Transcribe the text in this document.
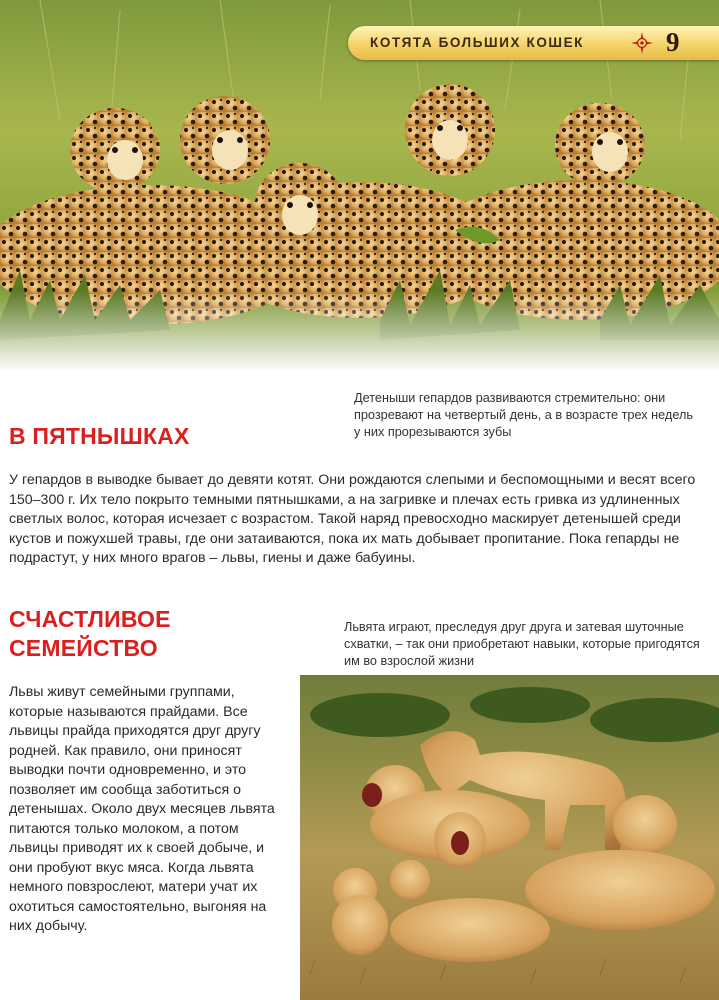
КОТЯТА БОЛЬШИХ КОШЕК	9
Детеныши гепардов развиваются стремительно: они прозревают на четвертый день, а в возрасте трех недель у них прорезываются зубы
В ПЯТНЫШКАХ
У гепардов в выводке бывает до девяти котят. Они рождаются слепыми и беспомощными и весят всего 150–300 г. Их тело покрыто темными пятнышками, а на загривке и плечах есть гривка из удлиненных светлых волос, которая исчезает с возрастом. Такой наряд превосходно маскирует детенышей среди кустов и пожухшей травы, где они затаиваются, пока их мать добывает пропитание. Пока гепарды не подрастут, у них много врагов – львы, гиены и даже бабуины.
СЧАСТЛИВОЕ СЕМЕЙСТВО
Львята играют, преследуя друг друга и затевая шуточные схватки, – так они приобретают навыки, которые пригодятся им во взрослой жизни
Львы живут семейными группами, которые называются прайдами. Все львицы прайда приходятся друг другу родней. Как правило, они приносят выводки почти одновременно, и это позволяет им сообща заботиться о детенышах. Около двух месяцев львята питаются только молоком, а потом львицы приводят их к своей добыче, и они пробуют вкус мяса. Когда львята немного повзрослеют, матери учат их охотиться самостоятельно, выгоняя на них добычу.
